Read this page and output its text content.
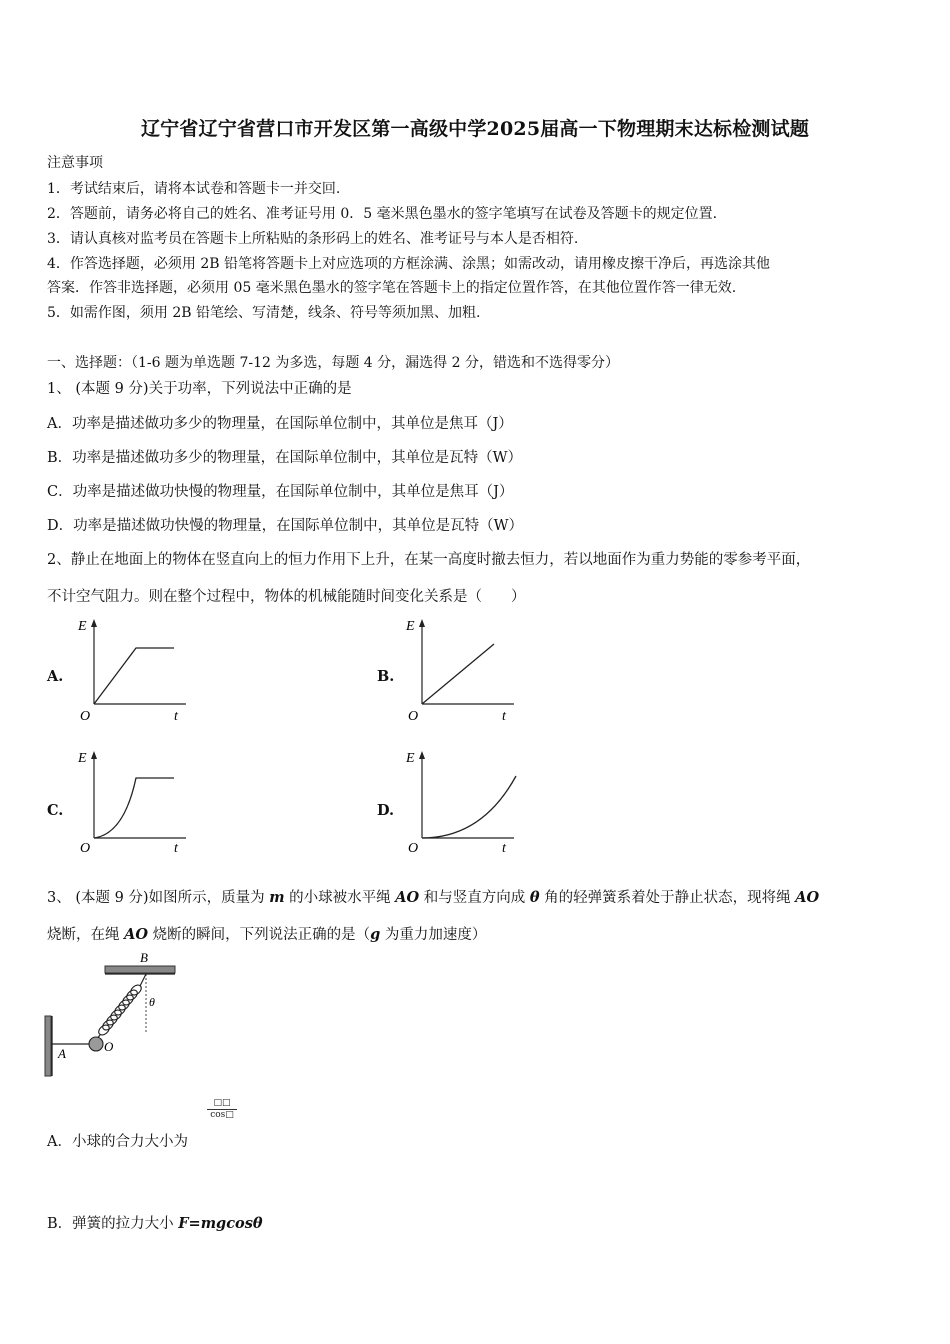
辽宁省辽宁省营口市开发区第一高级中学2025届高一下物理期末达标检测试题
注意事项
1．考试结束后，请将本试卷和答题卡一并交回.
2．答题前，请务必将自己的姓名、准考证号用 0．5 毫米黑色墨水的签字笔填写在试卷及答题卡的规定位置.
3．请认真核对监考员在答题卡上所粘贴的条形码上的姓名、准考证号与本人是否相符.
4．作答选择题，必须用 2B 铅笔将答题卡上对应选项的方框涂满、涂黑；如需改动，请用橡皮擦干净后，再选涂其他
答案．作答非选择题，必须用 05 毫米黑色墨水的签字笔在答题卡上的指定位置作答，在其他位置作答一律无效.
5．如需作图，须用 2B 铅笔绘、写清楚，线条、符号等须加黑、加粗.
一、选择题：（1-6 题为单选题 7-12 为多选，每题 4 分，漏选得 2 分，错选和不选得零分）
1、 (本题 9 分)关于功率，下列说法中正确的是
A．功率是描述做功多少的物理量，在国际单位制中，其单位是焦耳（J）
B．功率是描述做功多少的物理量，在国际单位制中，其单位是瓦特（W）
C．功率是描述做功快慢的物理量，在国际单位制中，其单位是焦耳（J）
D．功率是描述做功快慢的物理量，在国际单位制中，其单位是瓦特（W）
2、静止在地面上的物体在竖直向上的恒力作用下上升，在某一高度时撤去恒力，若以地面作为重力势能的零参考平面，
不计空气阻力。则在整个过程中，物体的机械能随时间变化关系是（　　）
A.	B.
C.	D.
E
O	t
E
O	t
E
O	t
E
O	t
3、 (本题 9 分)如图所示，质量为 m 的小球被水平绳 AO 和与竖直方向成 θ 角的轻弹簧系着处于静止状态，现将绳 AO
烧断，在绳 AO 烧断的瞬间，下列说法正确的是（g 为重力加速度）
B
θ
A	O
A．小球的合力大小为
□□
cos□
B．弹簧的拉力大小 F=mgcosθ
